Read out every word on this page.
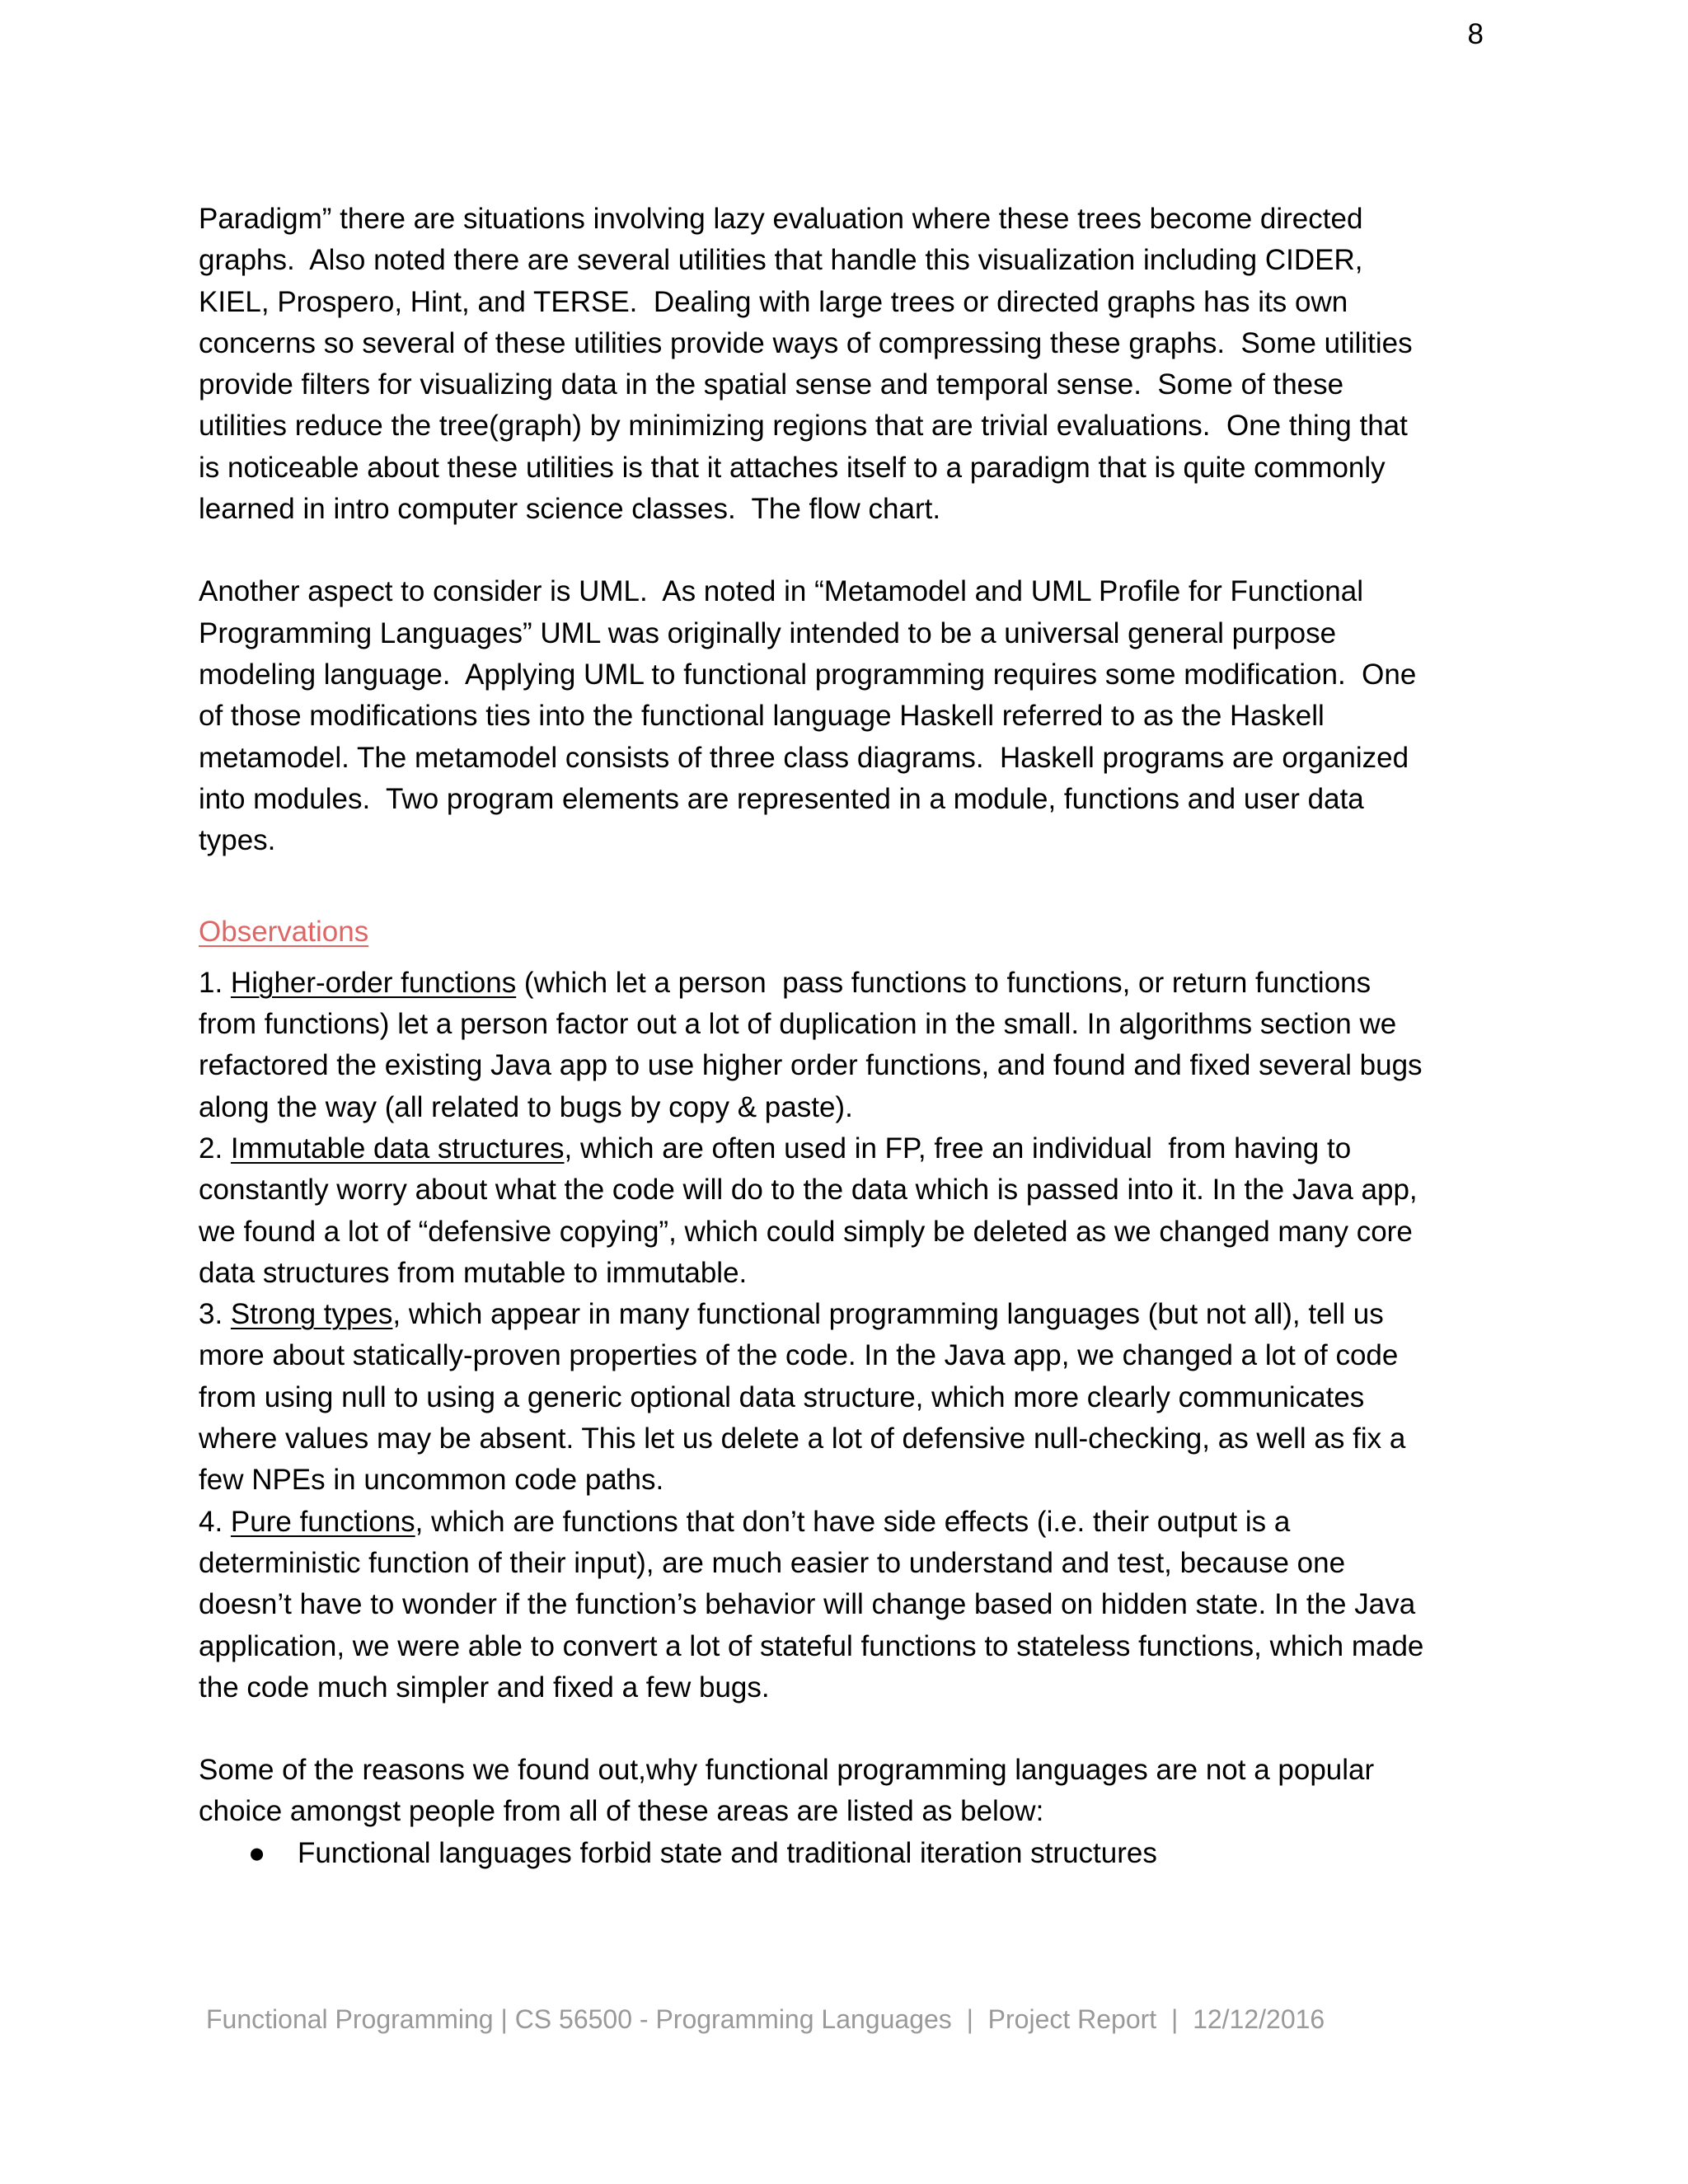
8
Paradigm” there are situations involving lazy evaluation where these trees become directed
graphs.  Also noted there are several utilities that handle this visualization including CIDER,
KIEL, Prospero, Hint, and TERSE.  Dealing with large trees or directed graphs has its own
concerns so several of these utilities provide ways of compressing these graphs.  Some utilities
provide filters for visualizing data in the spatial sense and temporal sense.  Some of these
utilities reduce the tree(graph) by minimizing regions that are trivial evaluations.  One thing that
is noticeable about these utilities is that it attaches itself to a paradigm that is quite commonly
learned in intro computer science classes.  The flow chart.
Another aspect to consider is UML.  As noted in “Metamodel and UML Profile for Functional
Programming Languages” UML was originally intended to be a universal general purpose
modeling language.  Applying UML to functional programming requires some modification.  One
of those modifications ties into the functional language Haskell referred to as the Haskell
metamodel. The metamodel consists of three class diagrams.  Haskell programs are organized
into modules.  Two program elements are represented in a module, functions and user data
types.
Observations
1. Higher-order functions (which let a person  pass functions to functions, or return functions
from functions) let a person factor out a lot of duplication in the small. In algorithms section we
refactored the existing Java app to use higher order functions, and found and fixed several bugs
along the way (all related to bugs by copy & paste).
2. Immutable data structures, which are often used in FP, free an individual  from having to
constantly worry about what the code will do to the data which is passed into it. In the Java app,
we found a lot of “defensive copying”, which could simply be deleted as we changed many core
data structures from mutable to immutable.
3. Strong types, which appear in many functional programming languages (but not all), tell us
more about statically-proven properties of the code. In the Java app, we changed a lot of code
from using null to using a generic optional data structure, which more clearly communicates
where values may be absent. This let us delete a lot of defensive null-checking, as well as fix a
few NPEs in uncommon code paths.
4. Pure functions, which are functions that don’t have side effects (i.e. their output is a
deterministic function of their input), are much easier to understand and test, because one
doesn’t have to wonder if the function’s behavior will change based on hidden state. In the Java
application, we were able to convert a lot of stateful functions to stateless functions, which made
the code much simpler and fixed a few bugs.
Some of the reasons we found out,why functional programming languages are not a popular
choice amongst people from all of these areas are listed as below:
● Functional languages forbid state and traditional iteration structures
Functional Programming | CS 56500 - Programming Languages  |  Project Report  |  12/12/2016
